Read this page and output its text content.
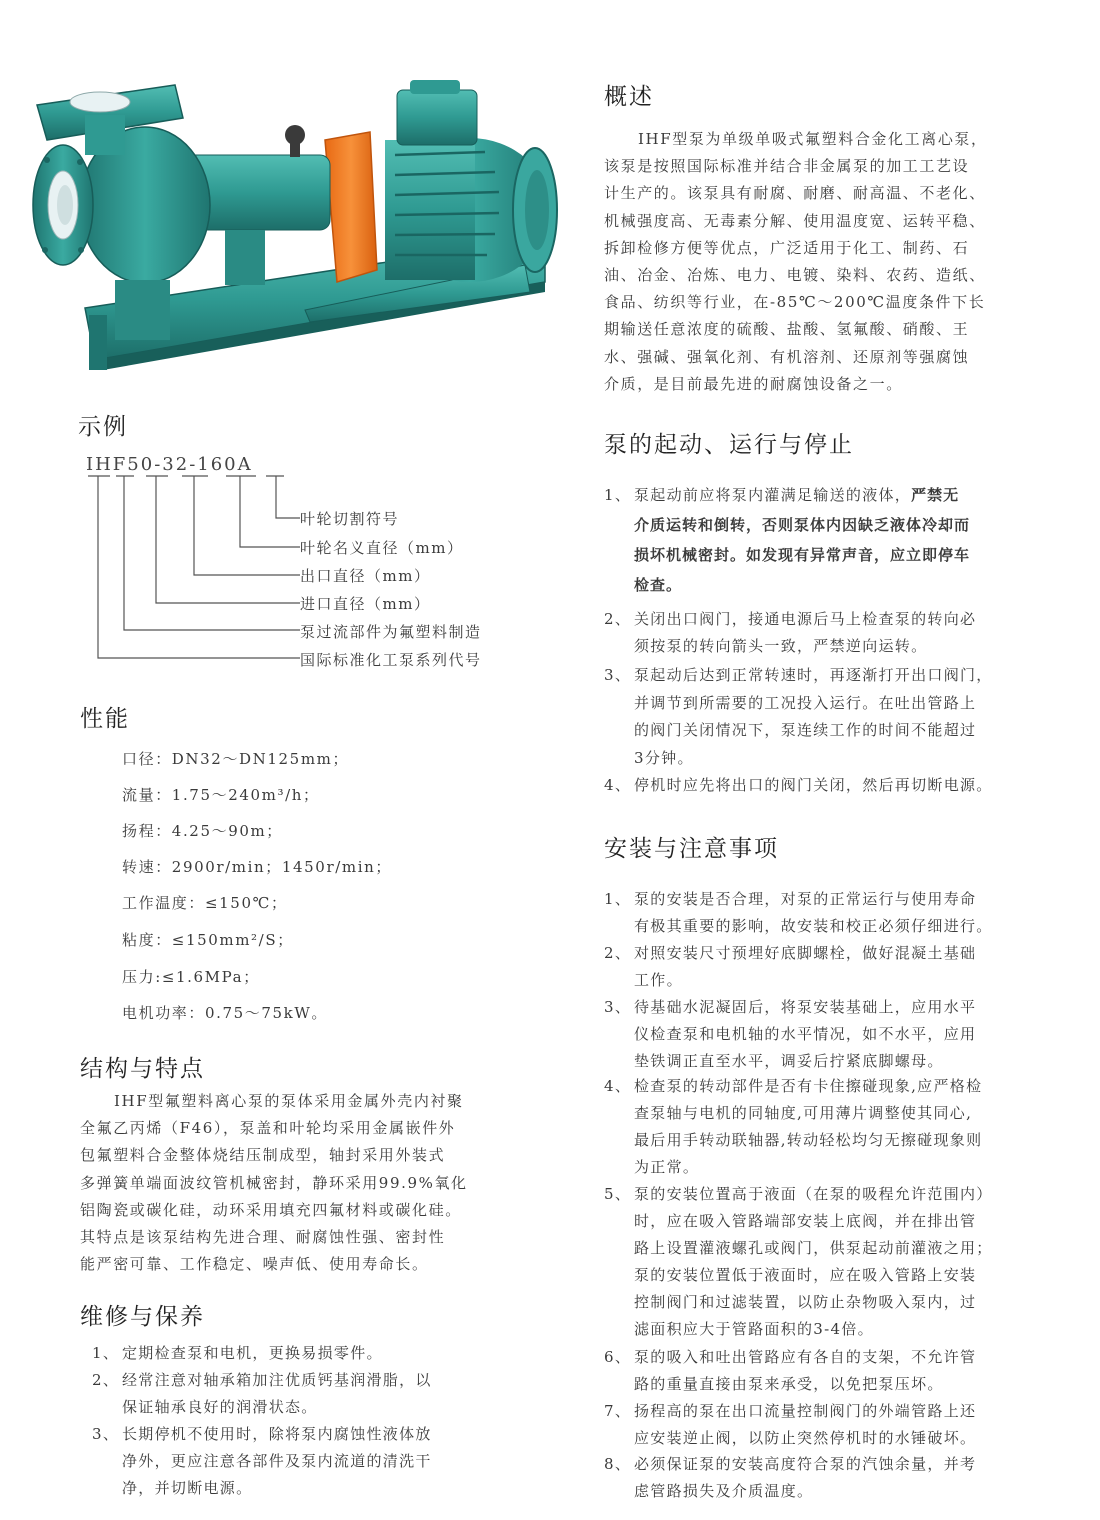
示例
IHF50-32-160A
叶轮切割符号
叶轮名义直径（mm）
出口直径（mm）
进口直径（mm）
泵过流部件为氟塑料制造
国际标准化工泵系列代号
性能
口径：DN32～DN125mm；
流量：1.75～240m³/h；
扬程：4.25～90m；
转速：2900r/min；1450r/min；
工作温度：≤150℃；
粘度：≤150mm²/S；
压力:≤1.6MPa；
电机功率：0.75～75kW。
结构与特点
IHF型氟塑料离心泵的泵体采用金属外壳内衬聚
全氟乙丙烯（F46），泵盖和叶轮均采用金属嵌件外
包氟塑料合金整体烧结压制成型，轴封采用外装式
多弹簧单端面波纹管机械密封，静环采用99.9%氧化
铝陶瓷或碳化硅，动环采用填充四氟材料或碳化硅。
其特点是该泵结构先进合理、耐腐蚀性强、密封性
能严密可靠、工作稳定、噪声低、使用寿命长。
维修与保养
1、 定期检查泵和电机，更换易损零件。
2、 经常注意对轴承箱加注优质钙基润滑脂，以
保证轴承良好的润滑状态。
3、 长期停机不使用时，除将泵内腐蚀性液体放
净外，更应注意各部件及泵内流道的清洗干
净，并切断电源。
概述
IHF型泵为单级单吸式氟塑料合金化工离心泵，
该泵是按照国际标准并结合非金属泵的加工工艺设
计生产的。该泵具有耐腐、耐磨、耐高温、不老化、
机械强度高、无毒素分解、使用温度宽、运转平稳、
拆卸检修方便等优点，广泛适用于化工、制药、石
油、冶金、冶炼、电力、电镀、染料、农药、造纸、
食品、纺织等行业，在-85℃～200℃温度条件下长
期输送任意浓度的硫酸、盐酸、氢氟酸、硝酸、王
水、强碱、强氧化剂、有机溶剂、还原剂等强腐蚀
介质，是目前最先进的耐腐蚀设备之一。
泵的起动、运行与停止
1、 泵起动前应将泵内灌满足输送的液体，严禁无
介质运转和倒转，否则泵体内因缺乏液体冷却而
损坏机械密封。如发现有异常声音，应立即停车
检查。
2、 关闭出口阀门，接通电源后马上检查泵的转向必
须按泵的转向箭头一致，严禁逆向运转。
3、 泵起动后达到正常转速时，再逐渐打开出口阀门，
并调节到所需要的工况投入运行。在吐出管路上
的阀门关闭情况下，泵连续工作的时间不能超过
3分钟。
4、 停机时应先将出口的阀门关闭，然后再切断电源。
安装与注意事项
1、 泵的安装是否合理，对泵的正常运行与使用寿命
有极其重要的影响，故安装和校正必须仔细进行。
2、 对照安装尺寸预埋好底脚螺栓，做好混凝土基础
工作。
3、 待基础水泥凝固后，将泵安装基础上，应用水平
仪检查泵和电机轴的水平情况，如不水平，应用
垫铁调正直至水平，调妥后拧紧底脚螺母。
4、 检查泵的转动部件是否有卡住擦碰现象,应严格检
查泵轴与电机的同轴度,可用薄片调整使其同心,
最后用手转动联轴器,转动轻松均匀无擦碰现象则
为正常。
5、 泵的安装位置高于液面（在泵的吸程允许范围内）
时，应在吸入管路端部安装上底阀，并在排出管
路上设置灌液螺孔或阀门，供泵起动前灌液之用；
泵的安装位置低于液面时，应在吸入管路上安装
控制阀门和过滤装置，以防止杂物吸入泵内，过
滤面积应大于管路面积的3-4倍。
6、 泵的吸入和吐出管路应有各自的支架，不允许管
路的重量直接由泵来承受，以免把泵压坏。
7、 扬程高的泵在出口流量控制阀门的外端管路上还
应安装逆止阀，以防止突然停机时的水锤破坏。
8、 必须保证泵的安装高度符合泵的汽蚀余量，并考
虑管路损失及介质温度。
